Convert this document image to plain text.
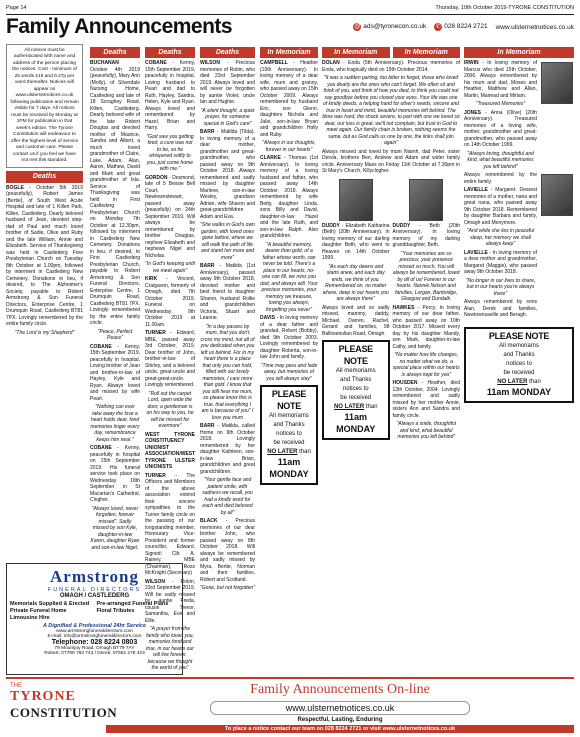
Page 14	Thursday, 10th October 2019-TYRONE CONSTITUTION
Family Announcements	@ ads@tyronecon.co.uk ✆ 028 8224 2721 www.ulsternetnotices.co.uk
All notices must be authenticated with name and address of the person placing the notices. Cost - minimum of 25 words £15 and 0.27p per word thereafter. Notices will appear on www.ulsternetnotices.co.uk following publication and remain visible for 7 days. All notices must be received by Monday at 1PM for publication in that week's edition. The Tyrone Constitution will endeavour to offer the highest level of service and customer care. Please contact us if you feel we have not met this standard.
Deaths

BOGLE - October 5th 2019 (peacefully), Robert James (Bertie), of South West Acute Hospital and late of 1 Killen Park, Killen, Castlederg. Dearly beloved husband of Jean, devoted step-dad of Paul and much loved brother of Sadie, Olive and Ruby and the late William, Annie and Elizabeth. Service of Thanksgiving was held in Castlederg Free Presbyterian Church on Tuesday 8th October at 1.00pm, followed by interment in Castlederg New Cemetery. Donations in lieu, if desired, to The Alzheimer's Society, payable to Robert Armstrong & Son Funeral Directors, Enterprise Centre, 1 Drumquin Road, Castlederg BT81 7PX. Lovingly remembered by the entire family circle.

"The Lord is my Shepherd"
Deaths

BUCHANAN - October 4th 2019 (peacefully), Mary Ann (Molly), of Silverdale Nursing Home, Castlederg and late of 18 Scraghey Road, Killen, Castlederg. Dearly beloved wife of the late Robert Douglas and devoted mother of Maurice, Sandra and Albert, a much loved grandmother of Claire, Luke, Adam, Alan, Aaron, Mathew, David and Mark and great grandmother of Isla. Service of Thanksgiving was held in First Castlederg Presbyterian Church on Monday 7th October at 12.30pm, followed by interment in Castlederg New Cemetery. Donations in lieu, if desired, to First Castlederg Presbyterian Church, payable to Robert Armstrong & Son Funeral Directors, Enterprise Centre, 1 Drumquin Road, Castlederg BT81 7PX. Lovingly remembered by the entire family circle.

"Peace, Perfect Peace"

COBANE - Kenny, 15th September 2019, peacefully in hospital. Loving brother of Jean and brother-in-law of Hayley, Kyle and Ryan. Always loved and missed by wife Pearl.

"Nothing can ever take away the love a heart holds dear, fond memories linger every day, remembrance keeps him near."

COBANE - Kenny, peacefully in hospital on 15th September 2019. His funeral service took place on Wednesday 18th September in St Macartan's Cathedral, Clogher.

"Always loved, never forgotten, forever missed". Sadly missed by son Kyle, daughter-in-law Karen, daughter Ryan and son-in-law Nigel.
Deaths

COBANE - Kenny, 15th September 2019, peacefully in hospital. Loving husband to Pearl and dad to Ruth, Hayley, Sandra, Helen, Kyle and Ryan. Always loved and remembered by Hazel, Brian and Harry.

"God saw you getting tired, a cure was not to be, so he whispered softly to you, just come home with me."

GORDON - Desmond, late of 5 Bessie Bell Court, Newtownstewart, passed away (peacefully) on 24th September 2019. Will always be remembered by brother Douglas, nephew Elizabeth and nephews Nigel and Nicholas.

"In God's keeping until we meet again"

KIRK - Vincent, Craigavon, formerly of Omagh, died 7th October 2019. Funeral on Wednesday 9th October 2019 at 11.00am.

TURNER - Edward, MBE, passed away 3rd October, 2019. Dear brother of John, brother-in-law of Shirley, and a beloved uncle, great-uncle and great-great-uncle. Lovingly remembered.

"Roll out the carpet Lord, open wide the door, a gentleman is on his way to you, he will be missed for evermore"

WEST TYRONE CONSTITUENCY UNIONIST ASSOCIATION/WEST TYRONE ULSTER UNIONISTS

TURNER - The Officers and Members of the above association extend their sincere sympathies to the Turner family circle on the passing of our longstanding member, Honourary Vice-President and former councillor, Edward. Signed: Cllr. A. Rainey, MBE (Chairman), Ross McKnight (Secretary)

WILSON - Robin, 23rd September 2019. Will be sadly missed by auntie Freda, cousin Trevor, Samantha, Eve and Ellie.

"A prayer from the family who loved you, memories fond and true, in our hearts our will live forever, because we thought the world of you"
Deaths

WILSON - Precious memories of Robin, who died 23rd September 2019. Always loved and will never be forgotten by auntie Violet, uncle Ian and Hughie.

"A silent thought, a quiet prayer, for someone special in God's care"

BARR - Matilda (Tilda). In loving memory of a dear mother, grandmother and great-grandmother, who passed away on 9th October 2018. Always remembered and sadly missed by daughter Marlene, son-in-law Wesley, grandson Adrian, wife Sharon and great-grandchildren Adam and Eva.

"She walks in God's own garden, with loved ones gone before, where we will walk the path of life and stand her more and more"

BARR - Matilda (1st Anniversary), passed away 9th October 2018, devoted mother and best friend to daughter Sharon, husband Rollie and grandchildren Victoria, Stuart and Leanne.

"In a day passes by mum, that you don't cross my mind, not all of you dedicated when you left us behind. For in my heart there is a place that only you can hold, filled with our lovely memories, I care more than gold. I know that you still hear me mum, so please know this is true, that everything I am is because of you" I love you mum

BARR - Matilda, called Home on 9th October 2018. Lovingly remembered by her daughter Kathleen, son-in-law Brian, grandchildren and great grandchildren.

"Your gentle face and patient smile, with sadness we recall, you had a kindly word for each and died beloved by all"

BLACK - Precious memories of our dear brother John, who passed away on 8th October 2018. Will always be remembered and sadly missed by Myra, Bertie, Norman and their families, Robert and Scotland.

"Gone, but not forgotten"
In Memoriam

CAMPBELL - Heather (10th Anniversary). In loving memory of a dear wife, mum and granny, who passed away on 15th October 2009. Always remembered by husband Eric, son Glenn, daughters Nichola and Julie, son-in-law Bryan and grandchildren Holly and Ruby.

"Always in our thoughts, forever in our hearts"

CLARKE - Thomas (1st Anniversary). In loving memory of a loving husband and father, who passed away 14th October, 2018. Always remembered by wife Betty, daughter Linda, sons Billy and David, daughter-in-law Hazel and the late Ruth, and son-in-law Ralph. Also grandchildren.

"A beautiful memory, dearer than gold, of a father whose worth, can never be told. There's a place in our hearts, no-one can fill, we miss you dad, and always will. Your precious memories, your memory we treasure, loving you always, forgetting you never"

DAVIS - In loving memory of a dear father and grandad, Robert (Bobby), died 9th October 2003. Lovingly remembered by daughter Roberta, son-in-law John and family.

"Time may pass and fade away, but memories of you will always stay"
PLEASE NOTE
All memoriams
and Thanks
notices to
be received
NO LATER than
11am MONDAY
In Memoriam	In Memoriam

DOLAN - Enda (5th Anniversary). Precious memories of Enda, who tragically died on 15th October 2014.

"It was a sudden parting, too bitter to forget, those who loved you dearly are the ones who can't forget. We often sit and think of you, and think of how you died, to think you could not say goodbye before you closed your eyes. Your life was one of kindly deeds, a helping hand for other's needs, sincere and true in heart and mind, beautiful memories left behind. The blow was hard, the shock severe, to part with one we loved so dear, our loss is great, we'll not complain, but trust in God to meet again. Our family chain is broken, nothing seems the same, but as God calls us one by one, the links shall join again"

Always missed and loved by mum Niamh, dad Peter, sister Dervla, brothers Ben, Andrew and Adam and wider family circle. Anniversary Mass on Friday 11th October at 7.30pm in St Mary's Church, Killyclogher.

DUDDY - Elizabeth Katharina (Beth) (20th Anniversary). In loving memory of our darling daughter Beth, who went to Heaven on 14th October 1999.

"As each day dawns and starts anew, and each day ends, we think of you. Remembered on, no matter where, deep in our hearts you are always there"

Always loved and so sadly missed, mammy, daddy, Michael, Darren, Rachel, Gerard and families, 98 Ballinamullan Road, Omagh.

PLEASE NOTE
All memoriams
and Thanks
notices to
be received
NO LATER than
11am MONDAY

DUDDY - Beth (20th Anniversary). In loving memory of my darling granddaughter, Beth.

"Your memories are so precious, your presence missed so much, You will always be remembered, loved by all of us! Forever in our hearts. Nannie Nelson and families, Lorgan, Banbridge, Glasgow and Dundalk.

HAWKES - Percy. In loving memory of our dear father, who passed away on 10th October 2017. Missed every day by his daughter Mandy, son Mark, daughter-in-law Cathy, and family.

"No matter how life changes, no matter what we do, a special place within our hearts is always kept for you"

HOUSDEN - Heather, died 13th October, 2004. Lovingly remembered and sadly missed by her mother Annie, sisters Ann and Sandra and family circle.

"Always a smile, thoughtful and kind, what beautiful memories you left behind"
In Memoriam

IRWIN - In loving memory of Marcus who died 15th October, 2006. Always remembered by his mum and dad, Moses and Heather, Matthew and Allan, Martin, Mairead and Miriam.

"Treasured Memories"

JONES - Anna (Olive) (20th Anniversary). Treasured memories of a loving wife, mother, grandmother and great-grandmother, who passed away on 14th October 1999.

"Always loving, thoughtful and kind, what beautiful memories you left behind"

Always remembered by the entire family.

LAVIELLE - Margaret. Dearest memories of a mother, nana and great nana, who passed away 9th October 2018. Remembered by daughter Barbara and family, Omagh and Monymore.

"And while she lies in peaceful sleep, her memory we shall always keep"

LAVIELLE - In loving memory of a dear mother and grandmother, Margaret (Maggie), who passed away 9th October 2018.

"No longer in our lives to share, but in our hearts you're always there"

Always remembered by sons Alan, Derek and families, Newtownsaville and Beragh.

PLEASE NOTE
All memoriams
and Thanks
notices to
be received
NO LATER than
11am MONDAY
Armstrong
FUNERAL DIRECTORS
OMAGH / CASTLEDERG
Memorials Supplied & Erected	Pre-arranged Funeral Plans
Private Funeral Home	Floral Tributes
Limousine Hire
A Dignified & Professional 24hr Service
www.armstrongfuneraldirectors.com
E-mail: info@armstrongfuneraldirectors.com
Telephone: 028 8224 0803
79 Mountjoy Road, Omagh BT79 7AY
Robert: 07799 783 743 / Derek: 07562 278 423
THE
TYRONE
CONSTITUTION
Family Announcements On-line
www.ulsternetnotices.co.uk
Respectful, Lasting, Enduring
To place a notice contact our team on 028 8224 2721 or visit www.ulsternetnotices.co.uk
